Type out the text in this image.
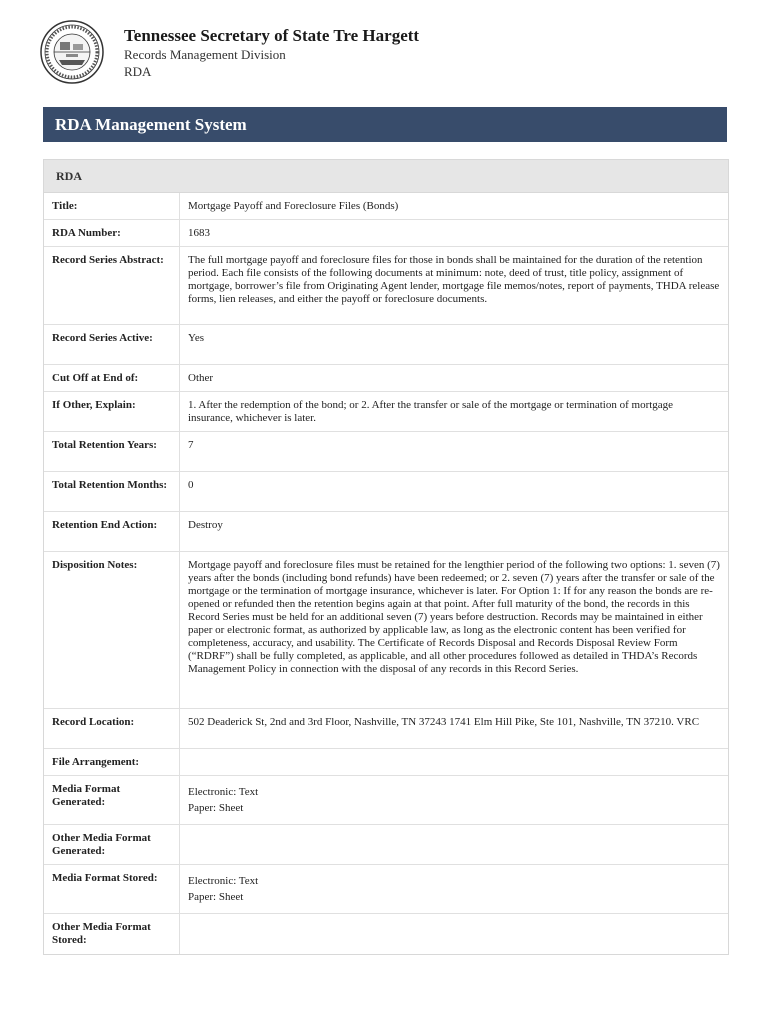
Tennessee Secretary of State Tre Hargett
Records Management Division
RDA
RDA Management System
RDA
Title:	Mortgage Payoff and Foreclosure Files (Bonds)
RDA Number:	1683
Record Series Abstract:	The full mortgage payoff and foreclosure files for those in bonds shall be maintained for the duration of the retention period. Each file consists of the following documents at minimum: note, deed of trust, title policy, assignment of mortgage, borrower’s file from Originating Agent lender, mortgage file memos/notes, report of payments, THDA release forms, lien releases, and either the payoff or foreclosure documents.
Record Series Active:	Yes
Cut Off at End of:	Other
If Other, Explain:	1. After the redemption of the bond; or 2. After the transfer or sale of the mortgage or termination of mortgage insurance, whichever is later.
Total Retention Years:	7
Total Retention Months:	0
Retention End Action:	Destroy
Disposition Notes:	Mortgage payoff and foreclosure files must be retained for the lengthier period of the following two options: 1. seven (7) years after the bonds (including bond refunds) have been redeemed; or 2. seven (7) years after the transfer or sale of the mortgage or the termination of mortgage insurance, whichever is later. For Option 1: If for any reason the bonds are re-opened or refunded then the retention begins again at that point. After full maturity of the bond, the records in this Record Series must be held for an additional seven (7) years before destruction. Records may be maintained in either paper or electronic format, as authorized by applicable law, as long as the electronic content has been verified for completeness, accuracy, and usability. The Certificate of Records Disposal and Records Disposal Review Form (“RDRF”) shall be fully completed, as applicable, and all other procedures followed as detailed in THDA’s Records Management Policy in connection with the disposal of any records in this Record Series.
Record Location:	502 Deaderick St, 2nd and 3rd Floor, Nashville, TN 37243 1741 Elm Hill Pike, Ste 101, Nashville, TN 37210. VRC
File Arrangement:	
Media Format Generated:	Electronic: Text
Paper: Sheet

Other Media Format Generated:	
Media Format Stored:	Electronic: Text
Paper: Sheet

Other Media Format Stored:	
